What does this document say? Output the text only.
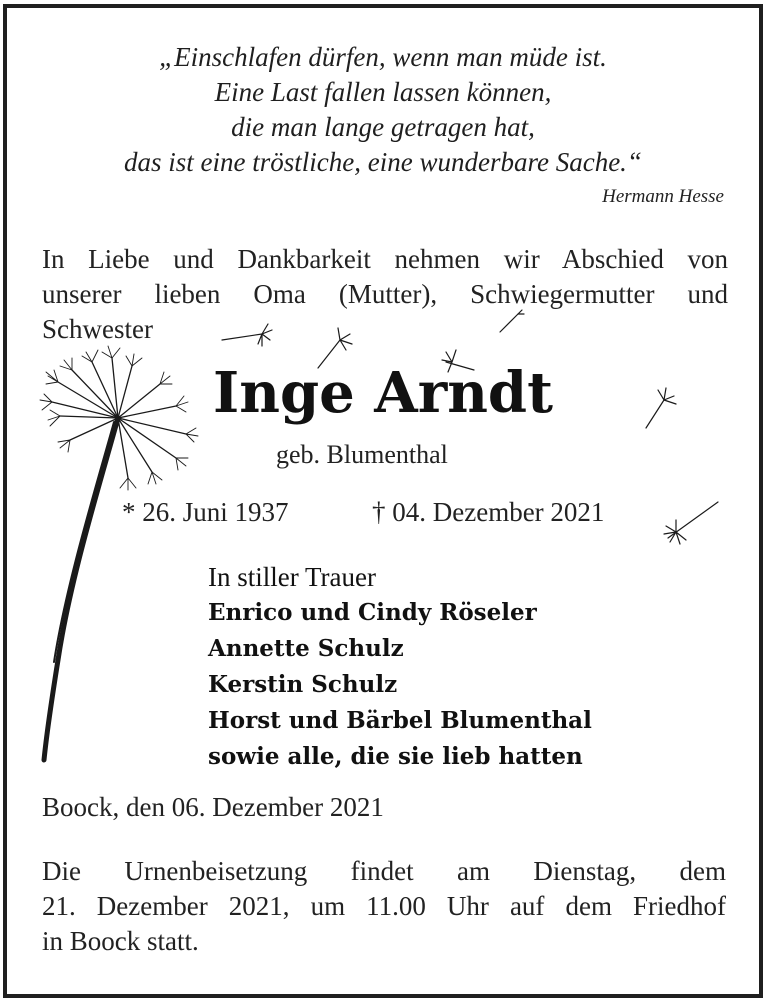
„Einschlafen dürfen, wenn man müde ist.
Eine Last fallen lassen können,
die man lange getragen hat,
das ist eine tröstliche, eine wunderbare Sache.“
Hermann Hesse
In Liebe und Dankbarkeit nehmen wir Abschied von
unserer lieben Oma (Mutter), Schwiegermutter und
Schwester
Inge Arndt
geb. Blumenthal
* 26. Juni 1937	† 04. Dezember 2021
In stiller Trauer
Enrico und Cindy Röseler
Annette Schulz
Kerstin Schulz
Horst und Bärbel Blumenthal
sowie alle, die sie lieb hatten
Boock, den 06. Dezember 2021
Die Urnenbeisetzung findet am Dienstag, dem
21. Dezember 2021, um 11.00 Uhr auf dem Friedhof
in Boock statt.
